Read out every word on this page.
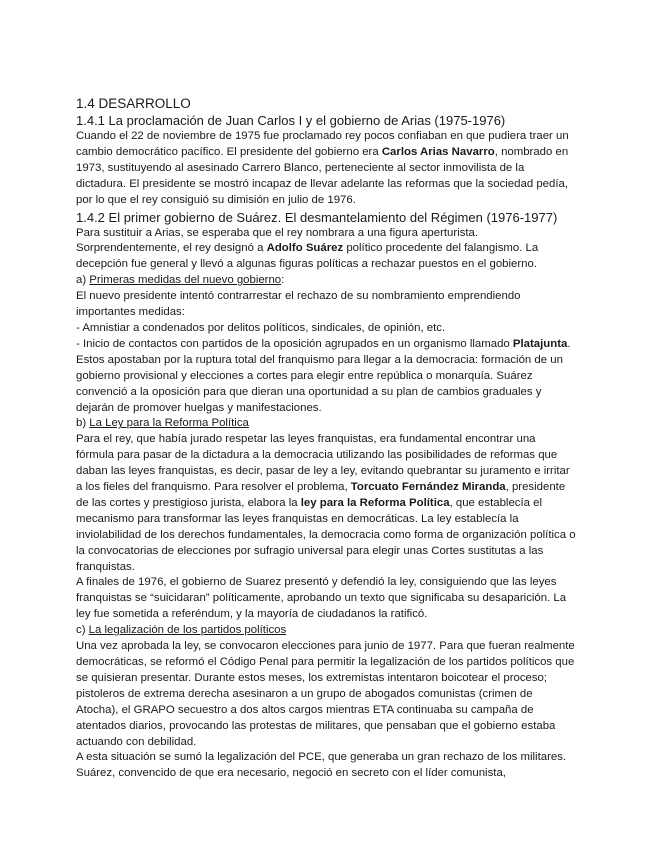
1.4 DESARROLLO
1.4.1 La proclamación de Juan Carlos I y el gobierno de Arias (1975-1976)

Cuando el 22 de noviembre de 1975 fue proclamado rey pocos confiaban en que pudiera traer un cambio democrático pacífico. El presidente del gobierno era Carlos Arias Navarro, nombrado en 1973, sustituyendo al asesinado Carrero Blanco, perteneciente al sector inmovilista de la dictadura. El presidente se mostró incapaz de llevar adelante las reformas que la sociedad pedía, por lo que el rey consiguió su dimisión en julio de 1976.

1.4.2 El primer gobierno de Suárez. El desmantelamiento del Régimen (1976-1977)

Para sustituir a Arias, se esperaba que el rey nombrara a una figura aperturista. Sorprendentemente, el rey designó a Adolfo Suárez político procedente del falangismo. La decepción fue general y llevó a algunas figuras políticas a rechazar puestos en el gobierno.

a) Primeras medidas del nuevo gobierno:

El nuevo presidente intentó contrarrestar el rechazo de su nombramiento emprendiendo importantes medidas:

- Amnistiar a condenados por delitos políticos, sindicales, de opinión, etc.

- Inicio de contactos con partidos de la oposición agrupados en un organismo llamado Platajunta. Estos apostaban por la ruptura total del franquismo para llegar a la democracia: formación de un gobierno provisional y elecciones a cortes para elegir entre república o monarquía. Suárez convenció a la oposición para que dieran una oportunidad a su plan de cambios graduales y dejarán de promover huelgas y manifestaciones.

b) La Ley para la Reforma Política

Para el rey, que había jurado respetar las leyes franquistas, era fundamental encontrar una fórmula para pasar de la dictadura a la democracia utilizando las posibilidades de reformas que daban las leyes franquistas, es decir, pasar de ley a ley, evitando quebrantar su juramento e irritar a los fieles del franquismo. Para resolver el problema, Torcuato Fernández Miranda, presidente de las cortes y prestigioso jurista, elabora la ley para la Reforma Política, que establecía el mecanismo para transformar las leyes franquistas en democráticas. La ley establecía la inviolabilidad de los derechos fundamentales, la democracia como forma de organización política o la convocatorias de elecciones por sufragio universal para elegir unas Cortes sustitutas a las franquistas.

A finales de 1976, el gobierno de Suarez presentó y defendió la ley, consiguiendo que las leyes franquistas se “suicidaran” políticamente, aprobando un texto que significaba su desaparición. La ley fue sometida a referéndum, y la mayoría de ciudadanos la ratificó.

c) La legalización de los partidos políticos

Una vez aprobada la ley, se convocaron elecciones para junio de 1977. Para que fueran realmente democráticas, se reformó el Código Penal para permitir la legalización de los partidos políticos que se quisieran presentar. Durante estos meses, los extremistas intentaron boicotear el proceso; pistoleros de extrema derecha asesinaron a un grupo de abogados comunistas (crimen de Atocha), el GRAPO secuestro a dos altos cargos mientras ETA continuaba su campaña de atentados diarios, provocando las protestas de militares, que pensaban que el gobierno estaba actuando con debilidad.

A esta situación se sumó la legalización del PCE, que generaba un gran rechazo de los militares. Suárez, convencido de que era necesario, negoció en secreto con el líder comunista,
